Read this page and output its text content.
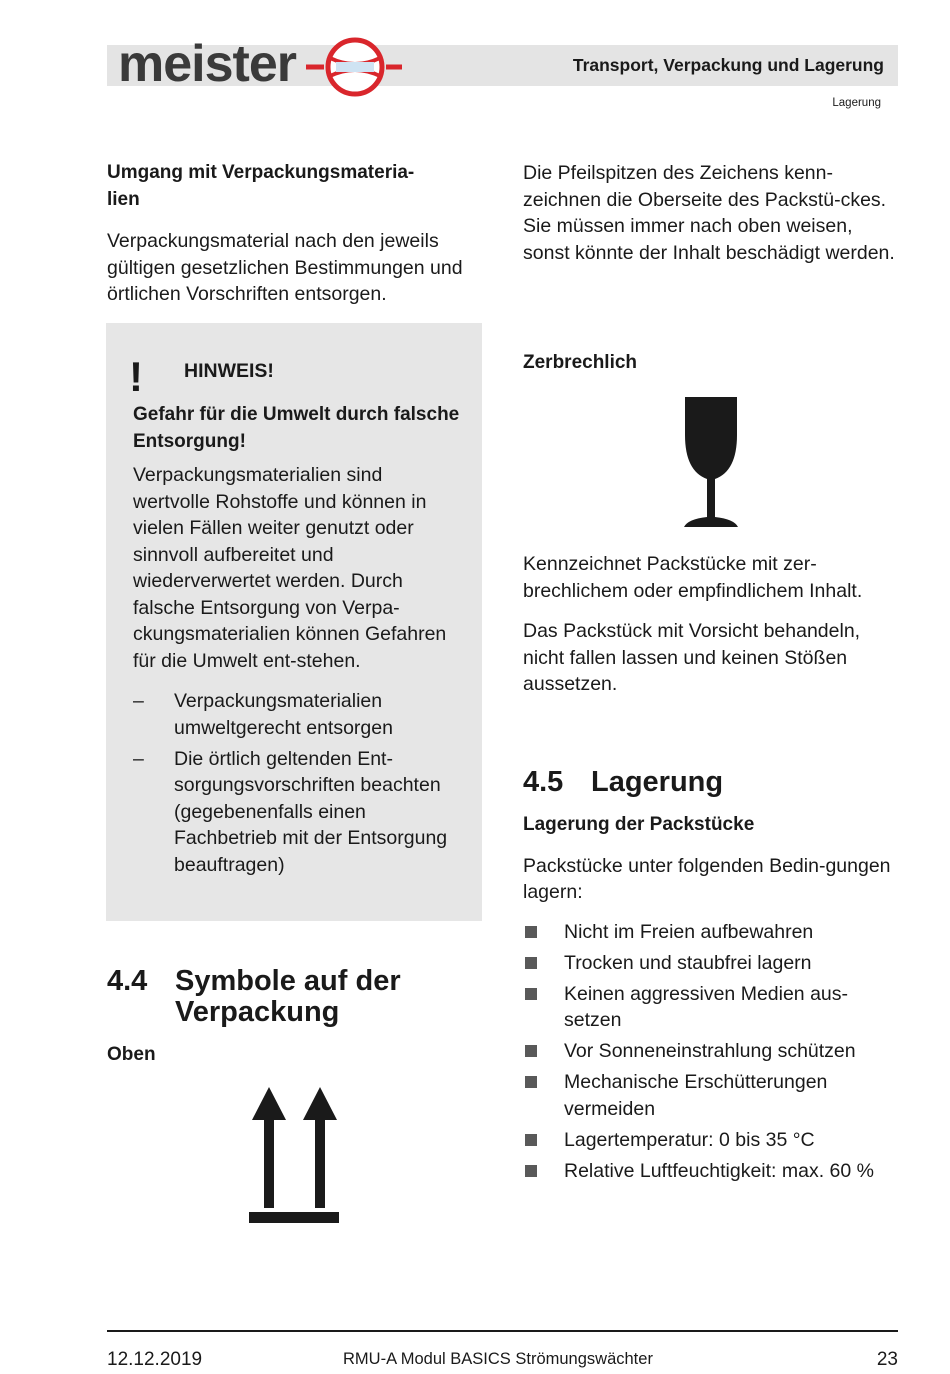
meister	Transport, Verpackung und Lagerung
Lagerung
Umgang mit Verpackungsmateria-
lien
Verpackungsmaterial nach den jeweils gültigen gesetzlichen Bestimmungen und örtlichen Vorschriften entsorgen.
! HINWEIS!
Gefahr für die Umwelt durch falsche Entsorgung!
Verpackungsmaterialien sind wertvolle Rohstoffe und können in vielen Fällen weiter genutzt oder sinnvoll aufbereitet und wiederverwertet werden. Durch falsche Entsorgung von Verpa-ckungsmaterialien können Gefahren für die Umwelt ent-stehen.
– Verpackungsmaterialien umweltgerecht entsorgen
– Die örtlich geltenden Ent-sorgungsvorschriften beachten (gegebenenfalls einen Fachbetrieb mit der Entsorgung beauftragen)
4.4 Symbole auf der
Verpackung
Oben
Die Pfeilspitzen des Zeichens kenn-zeichnen die Oberseite des Packstü-ckes. Sie müssen immer nach oben weisen, sonst könnte der Inhalt beschädigt werden.
Zerbrechlich
Kennzeichnet Packstücke mit zer-brechlichem oder empfindlichem Inhalt.
Das Packstück mit Vorsicht behandeln, nicht fallen lassen und keinen Stößen aussetzen.
4.5 Lagerung
Lagerung der Packstücke
Packstücke unter folgenden Bedin-gungen lagern:
Nicht im Freien aufbewahren
Trocken und staubfrei lagern
Keinen aggressiven Medien aus-setzen
Vor Sonneneinstrahlung schützen
Mechanische Erschütterungen vermeiden
Lagertemperatur: 0 bis 35 °C
Relative Luftfeuchtigkeit: max. 60 %
12.12.2019	RMU-A Modul BASICS Strömungswächter	23
